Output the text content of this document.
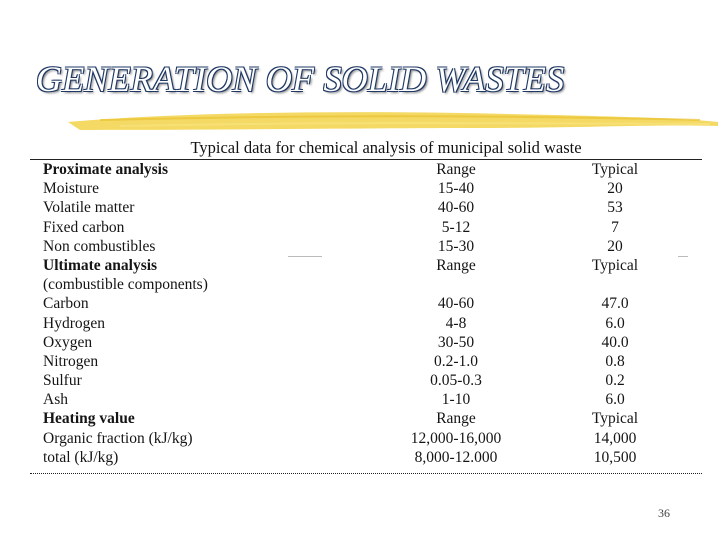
GENERATION OF SOLID WASTES
Typical data for chemical analysis of municipal solid waste
Proximate analysis	Range	Typical
Moisture	15-40	20
Volatile matter	40-60	53
Fixed carbon	5-12	7
Non combustibles	15-30	20
Ultimate analysis	Range	Typical
(combustible components)
Carbon	40-60	47.0
Hydrogen	4-8	6.0
Oxygen	30-50	40.0
Nitrogen	0.2-1.0	0.8
Sulfur	0.05-0.3	0.2
Ash	1-10	6.0
Heating value	Range	Typical
Organic fraction (kJ/kg)	12,000-16,000	14,000
total (kJ/kg)	8,000-12.000	10,500
36
